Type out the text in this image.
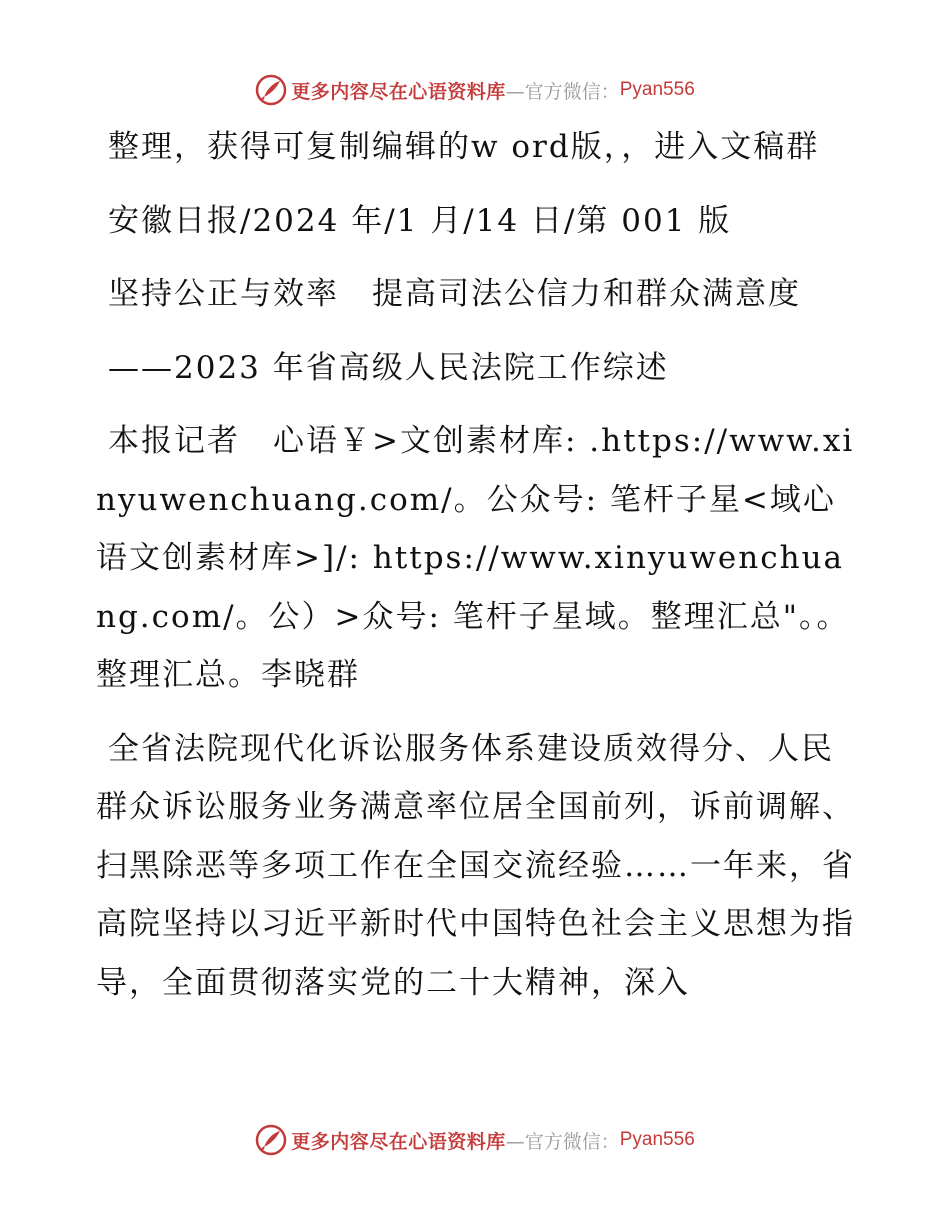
更多内容尽在心语资料库 —官方微信： Pyan556

整理，获得可复制编辑的w ord版，，进入文稿群

安徽日报/2024 年/1 月/14 日/第 001 版

坚持公正与效率　提高司法公信力和群众满意度

——2023 年省高级人民法院工作综述

本报记者　心语￥>文创素材库: .https://www.xinyuwenchuang.com/。公众号: 笔杆子星<域心语文创素材库>]/: https://www.xinyuwenchuang.com/。公）>众号: 笔杆子星域。整理汇总"。。整理汇总。李晓群

全省法院现代化诉讼服务体系建设质效得分、人民群众诉讼服务业务满意率位居全国前列，诉前调解、扫黑除恶等多项工作在全国交流经验……一年来，省高院坚持以习近平新时代中国特色社会主义思想为指导，全面贯彻落实党的二十大精神，深入

更多内容尽在心语资料库 —官方微信： Pyan556
